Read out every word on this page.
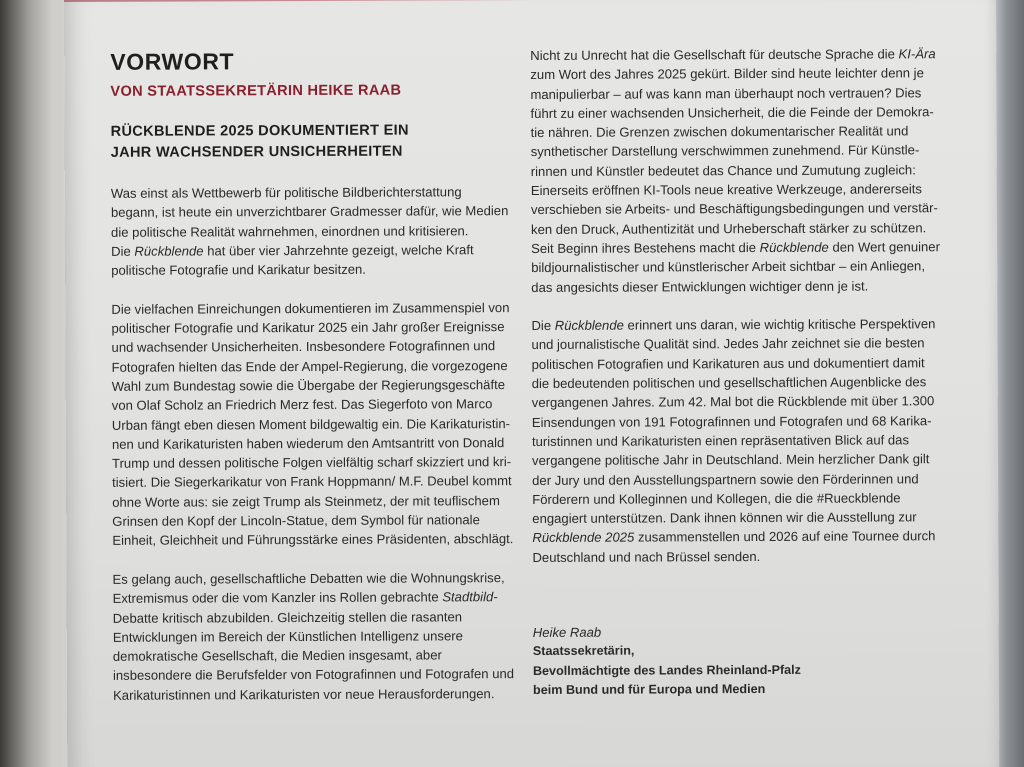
VORWORT
VON STAATSSEKRETÄRIN HEIKE RAAB
RÜCKBLENDE 2025 DOKUMENTIERT EIN
JAHR WACHSENDER UNSICHERHEITEN
Was einst als Wettbewerb für politische Bildberichterstattung
begann, ist heute ein unverzichtbarer Gradmesser dafür, wie Medien
die politische Realität wahrnehmen, einordnen und kritisieren.
Die Rückblende hat über vier Jahrzehnte gezeigt, welche Kraft
politische Fotografie und Karikatur besitzen.
Die vielfachen Einreichungen dokumentieren im Zusammenspiel von
politischer Fotografie und Karikatur 2025 ein Jahr großer Ereignisse
und wachsender Unsicherheiten. Insbesondere Fotografinnen und
Fotografen hielten das Ende der Ampel-Regierung, die vorgezogene
Wahl zum Bundestag sowie die Übergabe der Regierungsgeschäfte
von Olaf Scholz an Friedrich Merz fest. Das Siegerfoto von Marco
Urban fängt eben diesen Moment bildgewaltig ein. Die Karikaturistin-
nen und Karikaturisten haben wiederum den Amtsantritt von Donald
Trump und dessen politische Folgen vielfältig scharf skizziert und kri-
tisiert. Die Siegerkarikatur von Frank Hoppmann/ M.F. Deubel kommt
ohne Worte aus: sie zeigt Trump als Steinmetz, der mit teuflischem
Grinsen den Kopf der Lincoln-Statue, dem Symbol für nationale
Einheit, Gleichheit und Führungsstärke eines Präsidenten, abschlägt.
Es gelang auch, gesellschaftliche Debatten wie die Wohnungskrise,
Extremismus oder die vom Kanzler ins Rollen gebrachte Stadtbild-
Debatte kritisch abzubilden. Gleichzeitig stellen die rasanten
Entwicklungen im Bereich der Künstlichen Intelligenz unsere
demokratische Gesellschaft, die Medien insgesamt, aber
insbesondere die Berufsfelder von Fotografinnen und Fotografen und
Karikaturistinnen und Karikaturisten vor neue Herausforderungen.
Nicht zu Unrecht hat die Gesellschaft für deutsche Sprache die KI-Ära
zum Wort des Jahres 2025 gekürt. Bilder sind heute leichter denn je
manipulierbar – auf was kann man überhaupt noch vertrauen? Dies
führt zu einer wachsenden Unsicherheit, die die Feinde der Demokra-
tie nähren. Die Grenzen zwischen dokumentarischer Realität und
synthetischer Darstellung verschwimmen zunehmend. Für Künstle-
rinnen und Künstler bedeutet das Chance und Zumutung zugleich:
Einerseits eröffnen KI-Tools neue kreative Werkzeuge, andererseits
verschieben sie Arbeits- und Beschäftigungsbedingungen und verstär-
ken den Druck, Authentizität und Urheberschaft stärker zu schützen.
Seit Beginn ihres Bestehens macht die Rückblende den Wert genuiner
bildjournalistischer und künstlerischer Arbeit sichtbar – ein Anliegen,
das angesichts dieser Entwicklungen wichtiger denn je ist.
Die Rückblende erinnert uns daran, wie wichtig kritische Perspektiven
und journalistische Qualität sind. Jedes Jahr zeichnet sie die besten
politischen Fotografien und Karikaturen aus und dokumentiert damit
die bedeutenden politischen und gesellschaftlichen Augenblicke des
vergangenen Jahres. Zum 42. Mal bot die Rückblende mit über 1.300
Einsendungen von 191 Fotografinnen und Fotografen und 68 Karika-
turistinnen und Karikaturisten einen repräsentativen Blick auf das
vergangene politische Jahr in Deutschland. Mein herzlicher Dank gilt
der Jury und den Ausstellungspartnern sowie den Förderinnen und
Förderern und Kolleginnen und Kollegen, die die #Rueckblende
engagiert unterstützen. Dank ihnen können wir die Ausstellung zur
Rückblende 2025 zusammenstellen und 2026 auf eine Tournee durch
Deutschland und nach Brüssel senden.
Heike Raab
Staatssekretärin,
Bevollmächtigte des Landes Rheinland-Pfalz
beim Bund und für Europa und Medien
